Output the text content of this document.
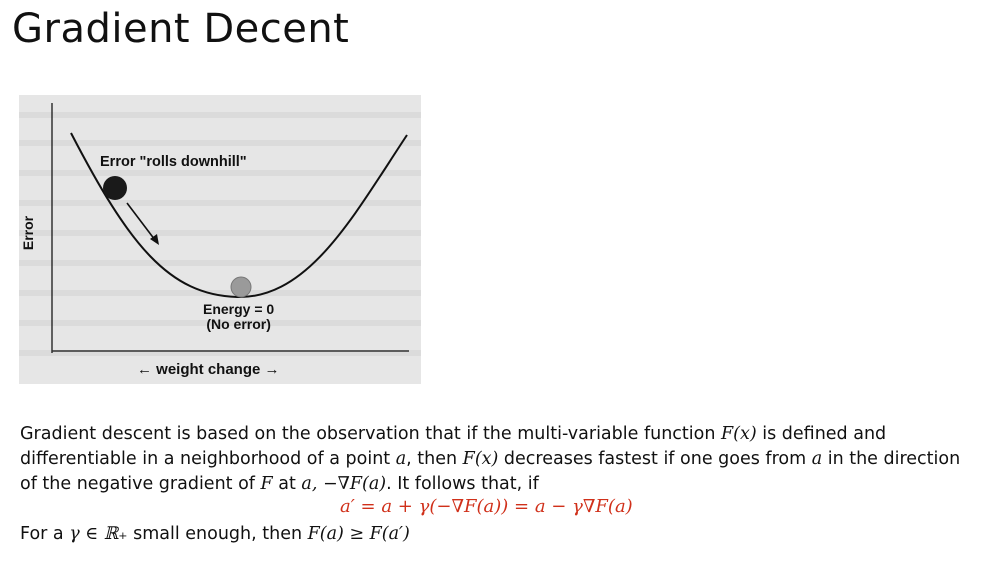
Gradient Decent
Error "rolls downhill"
Energy = 0
(No error)
Error
← weight change →
Gradient descent is based on the observation that if the multi-variable function F(x) is defined and differentiable in a neighborhood of a point a, then F(x) decreases fastest if one goes from a in the direction of the negative gradient of F at a, −∇F(a). It follows that, if
a′ = a + γ(−∇F(a)) = a − γ∇F(a)
For a γ ∈ ℝ₊ small enough, then F(a) ≥ F(a′)
